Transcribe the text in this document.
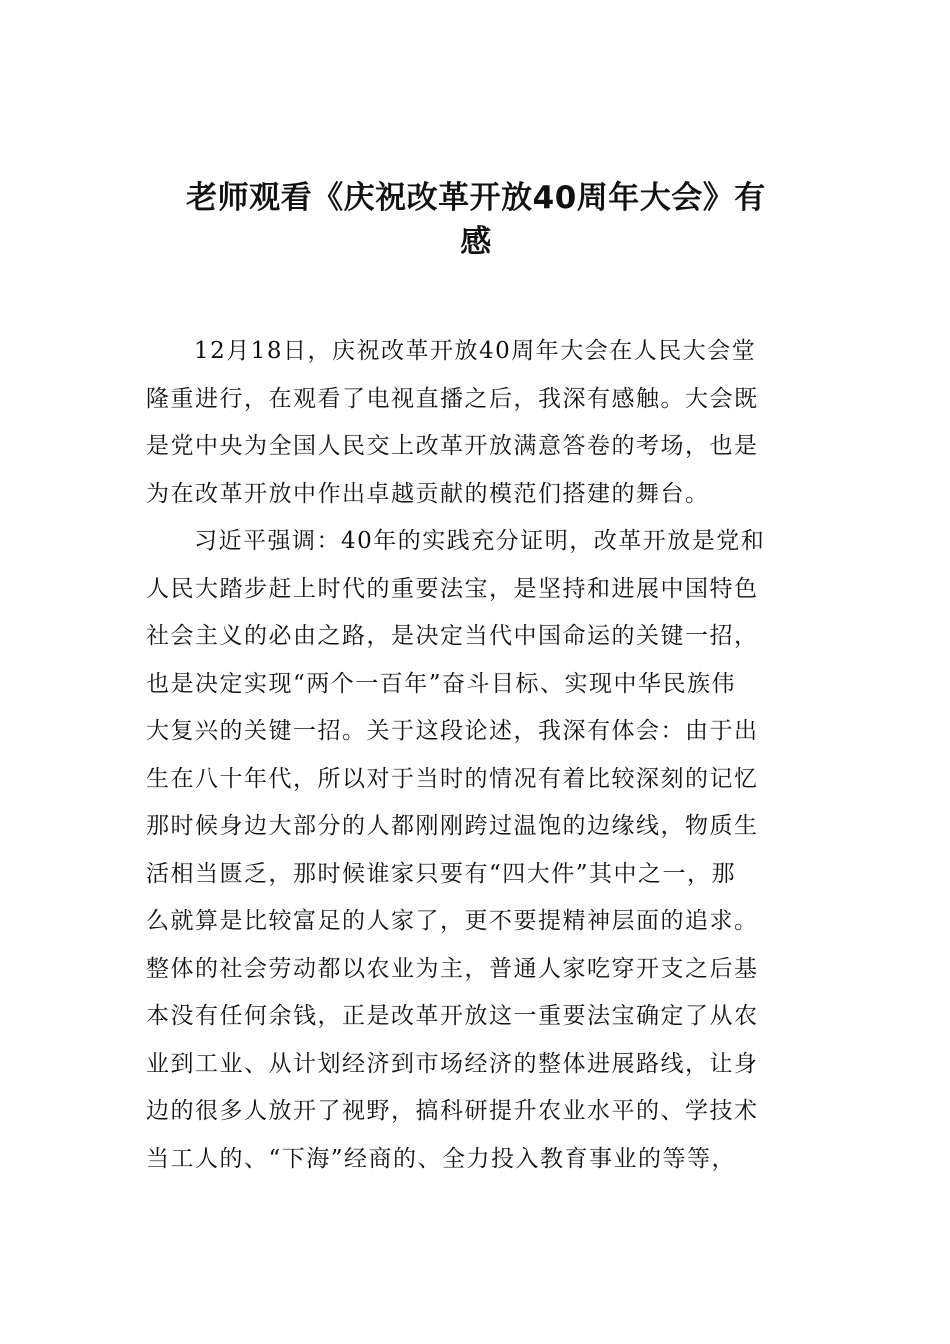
老师观看《庆祝改革开放40周年大会》有
感

12月18日，庆祝改革开放40周年大会在人民大会堂
隆重进行，在观看了电视直播之后，我深有感触。大会既
是党中央为全国人民交上改革开放满意答卷的考场，也是
为在改革开放中作出卓越贡献的模范们搭建的舞台。

习近平强调：40年的实践充分证明，改革开放是党和
人民大踏步赶上时代的重要法宝，是坚持和进展中国特色
社会主义的必由之路，是决定当代中国命运的关键一招，
也是决定实现“两个一百年”奋斗目标、实现中华民族伟
大复兴的关键一招。关于这段论述，我深有体会：由于出
生在八十年代，所以对于当时的情况有着比较深刻的记忆
那时候身边大部分的人都刚刚跨过温饱的边缘线，物质生
活相当匮乏，那时候谁家只要有“四大件”其中之一，那
么就算是比较富足的人家了，更不要提精神层面的追求。
整体的社会劳动都以农业为主，普通人家吃穿开支之后基
本没有任何余钱，正是改革开放这一重要法宝确定了从农
业到工业、从计划经济到市场经济的整体进展路线，让身
边的很多人放开了视野，搞科研提升农业水平的、学技术
当工人的、“下海”经商的、全力投入教育事业的等等，
